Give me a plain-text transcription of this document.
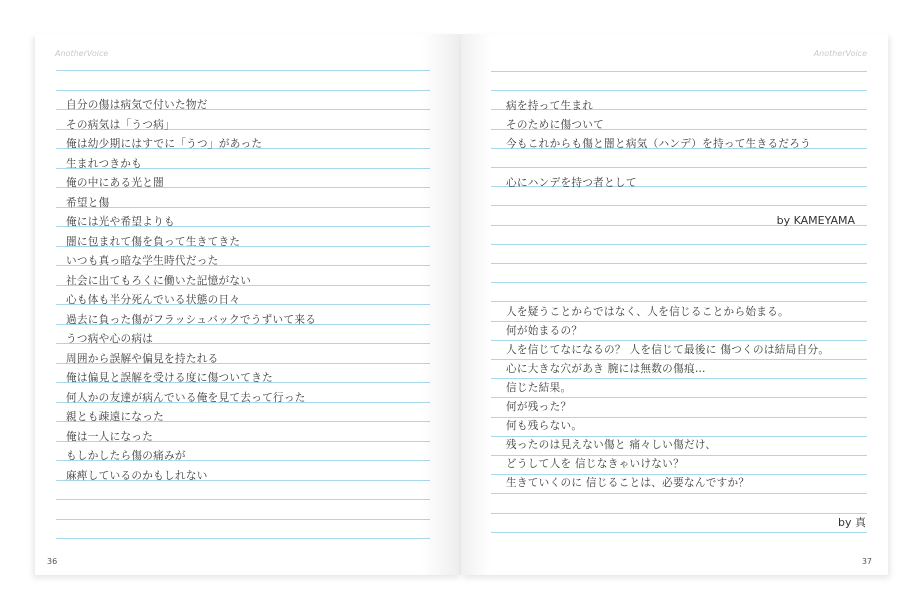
AnotherVoice
自分の傷は病気で付いた物だ
その病気は「うつ病」
俺は幼少期にはすでに「うつ」があった
生まれつきかも
俺の中にある光と闇
希望と傷
俺には光や希望よりも
闇に包まれて傷を負って生きてきた
いつも真っ暗な学生時代だった
社会に出てもろくに働いた記憶がない
心も体も半分死んでいる状態の日々
過去に負った傷がフラッシュバックでうずいて来る
うつ病や心の病は
周囲から誤解や偏見を持たれる
俺は偏見と誤解を受ける度に傷ついてきた
何人かの友達が病んでいる俺を見て去って行った
親とも疎遠になった
俺は一人になった
もしかしたら傷の痛みが
麻痺しているのかもしれない
36
AnotherVoice
病を持って生まれ
そのために傷ついて
今もこれからも傷と闇と病気（ハンデ）を持って生きるだろう
心にハンデを持つ者として
by KAMEYAMA
人を疑うことからではなく、人を信じることから始まる。
何が始まるの？
人を信じてなになるの？ 人を信じて最後に 傷つくのは結局自分。
心に大きな穴があき 腕には無数の傷痕…
信じた結果。
何が残った？
何も残らない。
残ったのは見えない傷と 痛々しい傷だけ、
どうして人を 信じなきゃいけない？
生きていくのに 信じることは、必要なんですか？
by 真
37
